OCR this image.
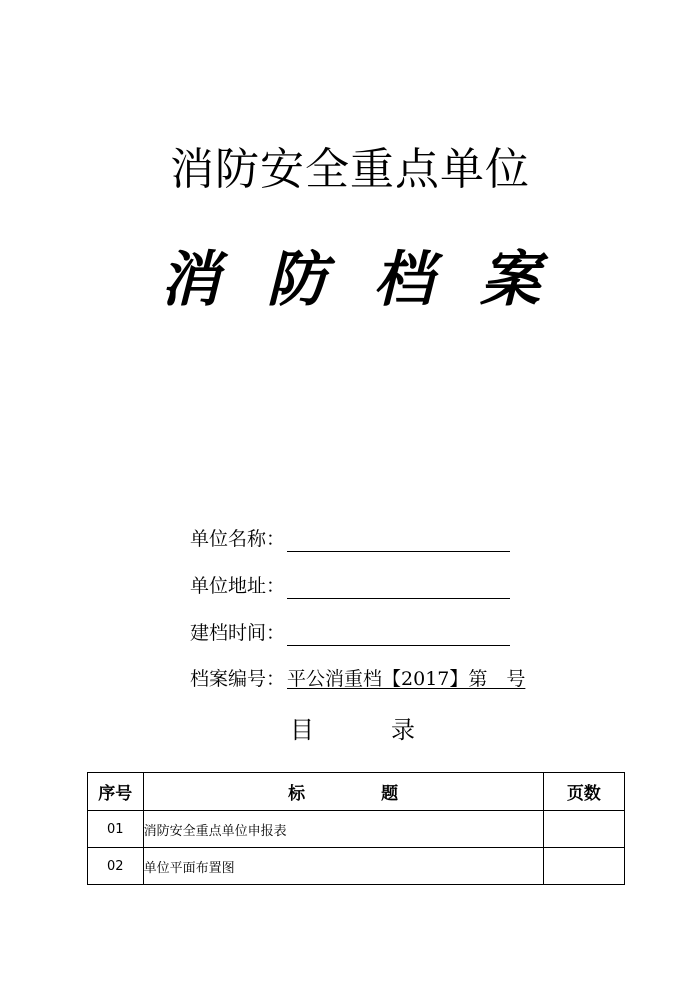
消防安全重点单位
消 防 档 案
单位名称：
单位地址：
建档时间：
档案编号： 平公消重档【2017】第　号
目	录
序号	标 题	页数
01	消防安全重点单位申报表	
02	单位平面布置图	
